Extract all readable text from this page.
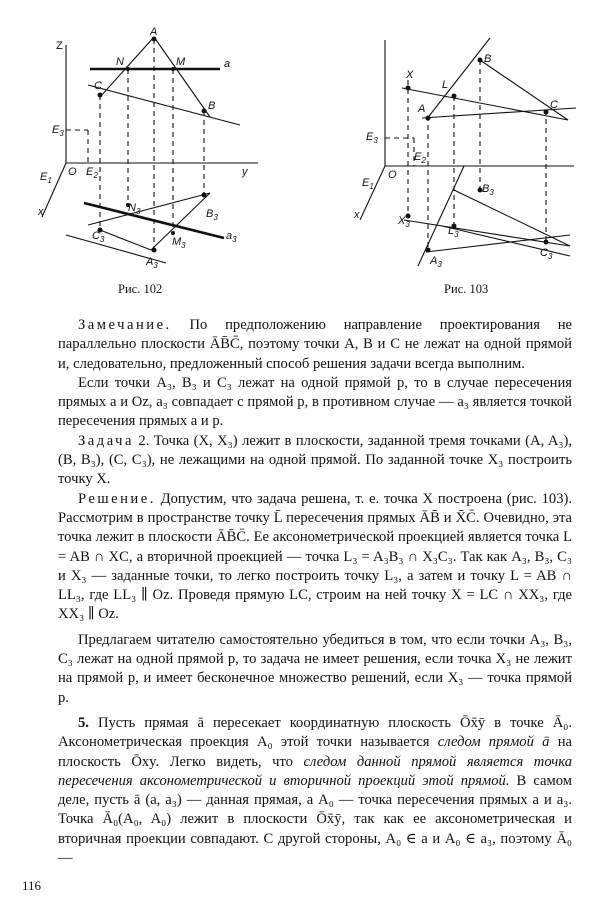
Z
A
N	M	a
C
B
$E_3$
$E_1$
O $E_2$	y
x	$N_3$	$B_3$
$C_3$	$M_3$
$a_3$
$A_3$
Рис. 102
X
L
B
A	C
$E_3$
$E_2$
$E_1$
O
$B_3$
x	$X_3$
$L_3$
$C_3$
$A_3$
Рис. 103

Замечание. По предположению направление проектирования не параллельно плоскости ĀB̄C̄, поэтому точки A, B и C не лежат на одной прямой и, следовательно, предложенный способ решения задачи всегда выполним.

Если точки A₃, B₃ и C₃ лежат на одной прямой p, то в случае пересечения прямых a и Oz, a₃ совпадает с прямой p, в противном случае — a₃ является точкой пересечения прямых a и p.

Задача 2. Точка (X, X₃) лежит в плоскости, заданной тремя точками (A, A₃), (B, B₃), (C, C₃), не лежащими на одной прямой. По заданной точке X₃ построить точку X.

Решение. Допустим, что задача решена, т. е. точка X построена (рис. 103). Рассмотрим в пространстве точку L̄ пересечения прямых ĀB̄ и X̄C̄. Очевидно, эта точка лежит в плоскости ĀB̄C̄. Ее аксонометрической проекцией является точка L = AB ∩ XC, а вторичной проекцией — точка L₃ = A₃B₃ ∩ X₃C₃. Так как A₃, B₃, C₃ и X₃ — заданные точки, то легко построить точку L₃, а затем и точку L = AB ∩ LL₃, где LL₃ ∥ Oz. Проведя прямую LC, строим на ней точку X = LC ∩ XX₃, где XX₃ ∥ Oz.

Предлагаем читателю самостоятельно убедиться в том, что если точки A₃, B₃, C₃ лежат на одной прямой p, то задача не имеет решения, если точка X₃ не лежит на прямой p, и имеет бесконечное множество решений, если X₃ — точка прямой p.

5. Пусть прямая ā пересекает координатную плоскость Ōx̄ȳ в точке Ā₀. Аксонометрическая проекция A₀ этой точки называется следом прямой ā на плоскость Ōxy. Легко видеть, что следом данной прямой является точка пересечения аксонометрической и вторичной проекций этой прямой. В самом деле, пусть ā (a, a₃) — данная прямая, а A₀ — точка пересечения прямых a и a₃. Точка Ā₀(A₀, A₀) лежит в плоскости Ōx̄ȳ, так как ее аксонометрическая и вторичная проекции совпадают. С другой стороны, A₀ ∈ a и A₀ ∈ a₃, поэтому Ā₀ —

116
